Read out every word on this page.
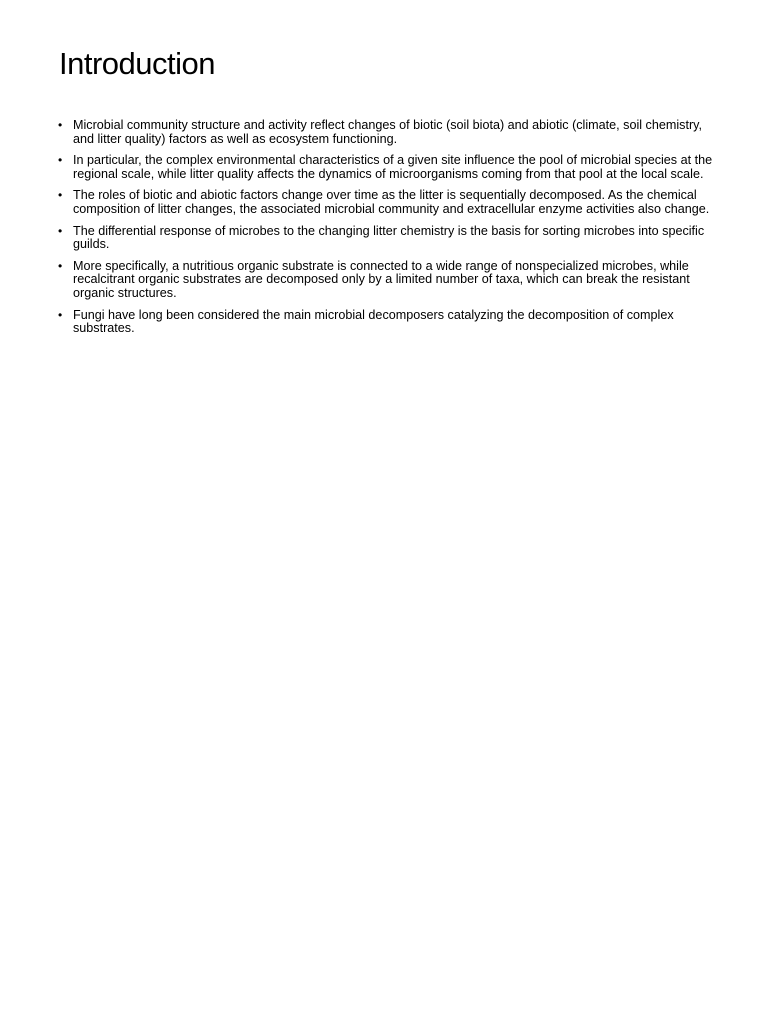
Introduction
• Microbial community structure and activity reflect changes of biotic (soil biota) and abiotic (climate, soil chemistry, and litter quality) factors as well as ecosystem functioning.
• In particular, the complex environmental characteristics of a given site influence the pool of microbial species at the regional scale, while litter quality affects the dynamics of microorganisms coming from that pool at the local scale.
• The roles of biotic and abiotic factors change over time as the litter is sequentially decomposed. As the chemical composition of litter changes, the associated microbial community and extracellular enzyme activities also change.
• The differential response of microbes to the changing litter chemistry is the basis for sorting microbes into specific guilds.
• More specifically, a nutritious organic substrate is connected to a wide range of nonspecialized microbes, while recalcitrant organic substrates are decomposed only by a limited number of taxa, which can break the resistant organic structures.
• Fungi have long been considered the main microbial decomposers catalyzing the decomposition of complex substrates.
